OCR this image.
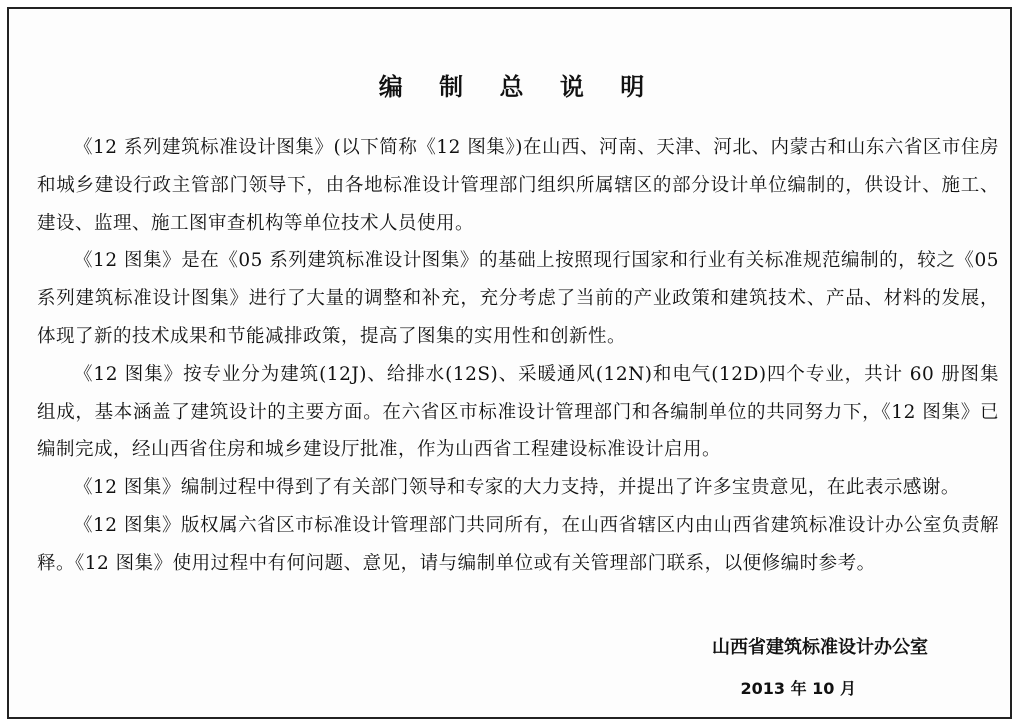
编 制 总 说 明

《12 系列建筑标准设计图集》(以下简称《12 图集》)在山西、河南、天津、河北、内蒙古和山东六省区市住房和城乡建设行政主管部门领导下，由各地标准设计管理部门组织所属辖区的部分设计单位编制的，供设计、施工、建设、监理、施工图审查机构等单位技术人员使用。

《12 图集》是在《05 系列建筑标准设计图集》的基础上按照现行国家和行业有关标准规范编制的，较之《05 系列建筑标准设计图集》进行了大量的调整和补充，充分考虑了当前的产业政策和建筑技术、产品、材料的发展，体现了新的技术成果和节能减排政策，提高了图集的实用性和创新性。

《12 图集》按专业分为建筑(12J)、给排水(12S)、采暖通风(12N)和电气(12D)四个专业，共计 60 册图集组成，基本涵盖了建筑设计的主要方面。在六省区市标准设计管理部门和各编制单位的共同努力下，《12 图集》已编制完成，经山西省住房和城乡建设厅批准，作为山西省工程建设标准设计启用。

《12 图集》编制过程中得到了有关部门领导和专家的大力支持，并提出了许多宝贵意见，在此表示感谢。

《12 图集》版权属六省区市标准设计管理部门共同所有，在山西省辖区内由山西省建筑标准设计办公室负责解释。《12 图集》使用过程中有何问题、意见，请与编制单位或有关管理部门联系，以便修编时参考。

山西省建筑标准设计办公室
2013 年 10 月
